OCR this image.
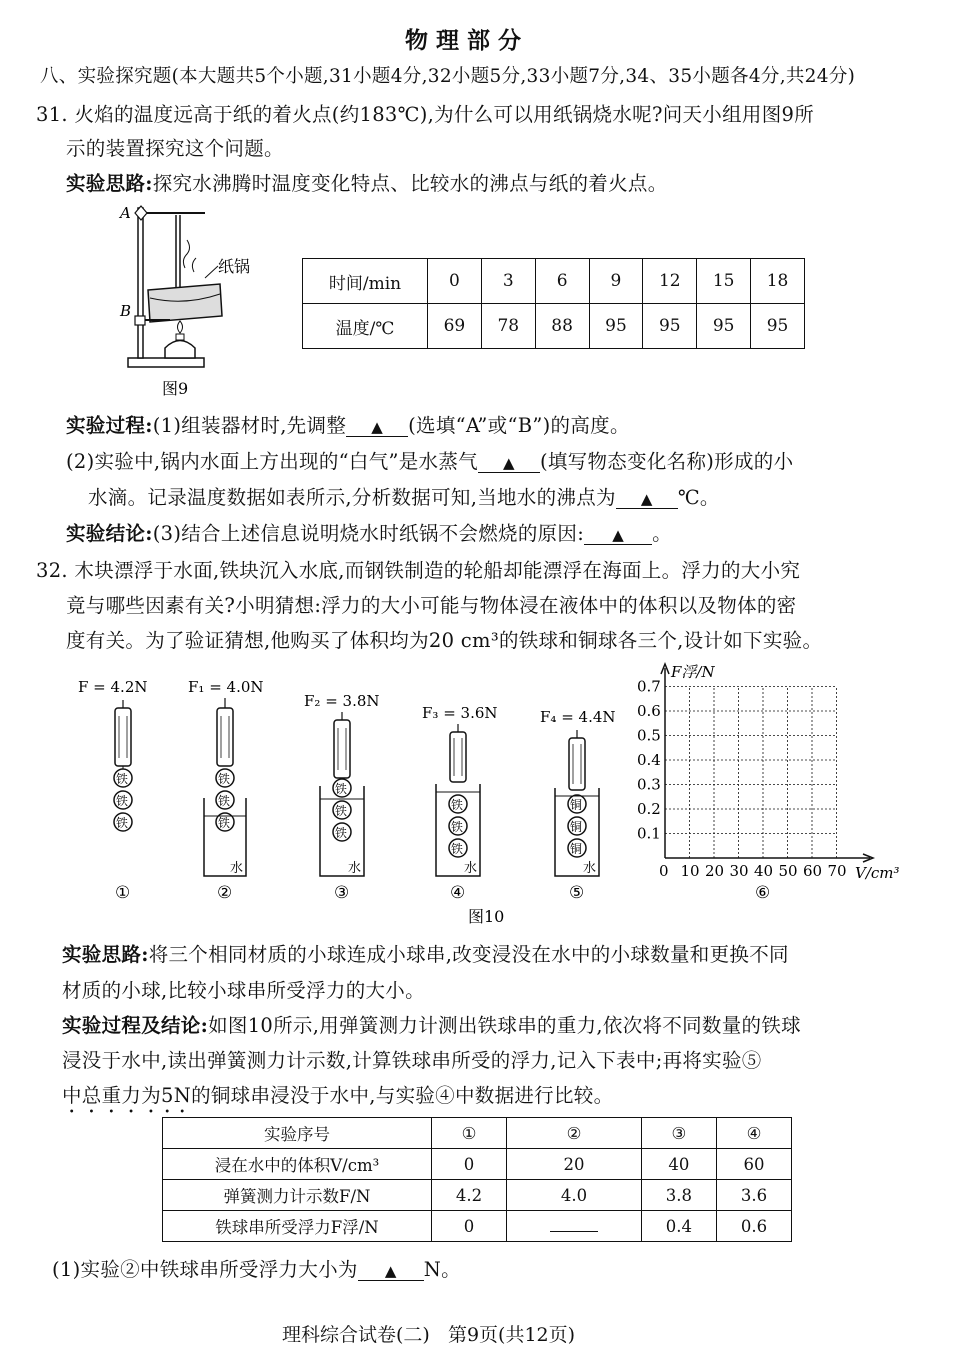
物理部分
八、实验探究题(本大题共5个小题,31小题4分,32小题5分,33小题7分,34、35小题各4分,共24分)
31. 火焰的温度远高于纸的着火点(约183℃),为什么可以用纸锅烧水呢?问天小组用图9所
示的装置探究这个问题。
实验思路:探究水沸腾时温度变化特点、比较水的沸点与纸的着火点。
A
B
纸锅
图9
时间/min	0	3	6	9	12	15	18
温度/℃	69	78	88	95	95	95	95
实验过程:(1)组装器材时,先调整 ▲ (选填“A”或“B”)的高度。
(2)实验中,锅内水面上方出现的“白气”是水蒸气 ▲ (填写物态变化名称)形成的小
水滴。记录温度数据如表所示,分析数据可知,当地水的沸点为 ▲ ℃。
实验结论:(3)结合上述信息说明烧水时纸锅不会燃烧的原因: ▲ 。
32. 木块漂浮于水面,铁块沉入水底,而钢铁制造的轮船却能漂浮在海面上。浮力的大小究
竟与哪些因素有关?小明猜想:浮力的大小可能与物体浸在液体中的体积以及物体的密
度有关。为了验证猜想,他购买了体积均为20 cm³的铁球和铜球各三个,设计如下实验。
F = 4.2N	F₁ = 4.0N
F₂ = 3.8N
F₃ = 3.6N	F₄ = 4.4N
铁
铁
铁
铁
铁
铁
水
铁
铁
铁
水
铁
铁
铁
水
铜
铜
铜
水
①	②	③	④	⑤
图10
F浮/N
V/cm³
0.1
0.2
0.3
0.4
0.5
0.6
0.7
0 10 20 30 40 50 60 70
⑥
实验思路:将三个相同材质的小球连成小球串,改变浸没在水中的小球数量和更换不同
材质的小球,比较小球串所受浮力的大小。
实验过程及结论:如图10所示,用弹簧测力计测出铁球串的重力,依次将不同数量的铁球
浸没于水中,读出弹簧测力计示数,计算铁球串所受的浮力,记入下表中;再将实验⑤
中总重力为5N的铜球串浸没于水中,与实验④中数据进行比较。
实验序号	①	②	③	④
浸在水中的体积V/cm³	0	20	40	60
弹簧测力计示数F/N	4.2	4.0	3.8	3.6
铁球串所受浮力F浮/N	0		0.4	0.6
(1)实验②中铁球串所受浮力大小为 ▲ N。
理科综合试卷(二)   第9页(共12页)
